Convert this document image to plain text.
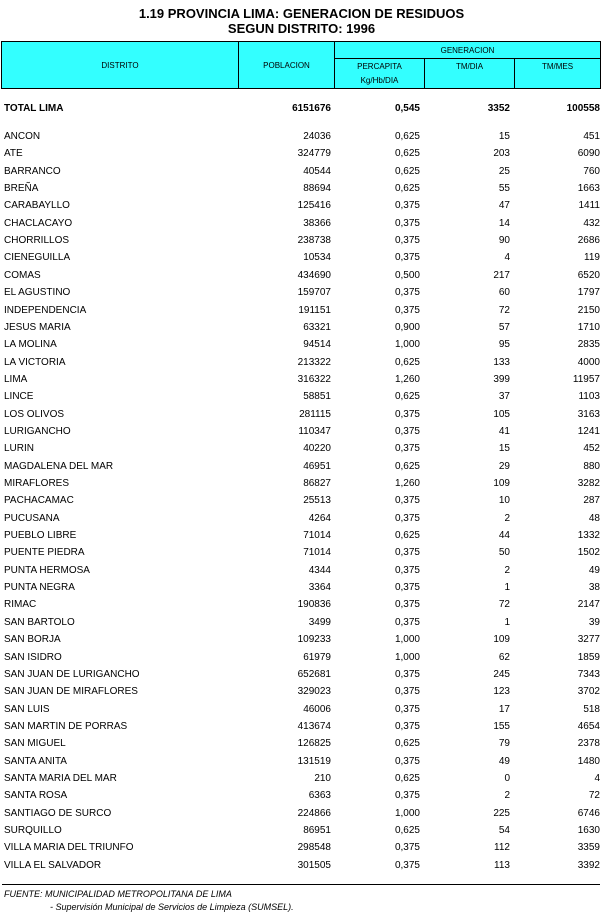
1.19 PROVINCIA LIMA: GENERACION DE RESIDUOS
SEGUN DISTRITO: 1996
DISTRITO	POBLACION
GENERACION
PERCAPITA
Kg/Hb/DIA
TM/DIA	TM/MES
TOTAL LIMA	6151676	0,545	3352	100558
ANCON	24036	0,625	15	451
ATE	324779	0,625	203	6090
BARRANCO	40544	0,625	25	760
BREÑA	88694	0,625	55	1663
CARABAYLLO	125416	0,375	47	1411
CHACLACAYO	38366	0,375	14	432
CHORRILLOS	238738	0,375	90	2686
CIENEGUILLA	10534	0,375	4	119
COMAS	434690	0,500	217	6520
EL AGUSTINO	159707	0,375	60	1797
INDEPENDENCIA	191151	0,375	72	2150
JESUS MARIA	63321	0,900	57	1710
LA MOLINA	94514	1,000	95	2835
LA VICTORIA	213322	0,625	133	4000
LIMA	316322	1,260	399	11957
LINCE	58851	0,625	37	1103
LOS OLIVOS	281115	0,375	105	3163
LURIGANCHO	110347	0,375	41	1241
LURIN	40220	0,375	15	452
MAGDALENA DEL MAR	46951	0,625	29	880
MIRAFLORES	86827	1,260	109	3282
PACHACAMAC	25513	0,375	10	287
PUCUSANA	4264	0,375	2	48
PUEBLO LIBRE	71014	0,625	44	1332
PUENTE PIEDRA	71014	0,375	50	1502
PUNTA HERMOSA	4344	0,375	2	49
PUNTA NEGRA	3364	0,375	1	38
RIMAC	190836	0,375	72	2147
SAN BARTOLO	3499	0,375	1	39
SAN BORJA	109233	1,000	109	3277
SAN ISIDRO	61979	1,000	62	1859
SAN JUAN DE LURIGANCHO	652681	0,375	245	7343
SAN JUAN DE MIRAFLORES	329023	0,375	123	3702
SAN LUIS	46006	0,375	17	518
SAN MARTIN DE PORRAS	413674	0,375	155	4654
SAN MIGUEL	126825	0,625	79	2378
SANTA ANITA	131519	0,375	49	1480
SANTA MARIA DEL MAR	210	0,625	0	4
SANTA ROSA	6363	0,375	2	72
SANTIAGO DE SURCO	224866	1,000	225	6746
SURQUILLO	86951	0,625	54	1630
VILLA MARIA DEL TRIUNFO	298548	0,375	112	3359
VILLA EL SALVADOR	301505	0,375	113	3392
FUENTE: MUNICIPALIDAD METROPOLITANA DE LIMA
- Supervisión Municipal de Servicios de Limpieza (SUMSEL).
